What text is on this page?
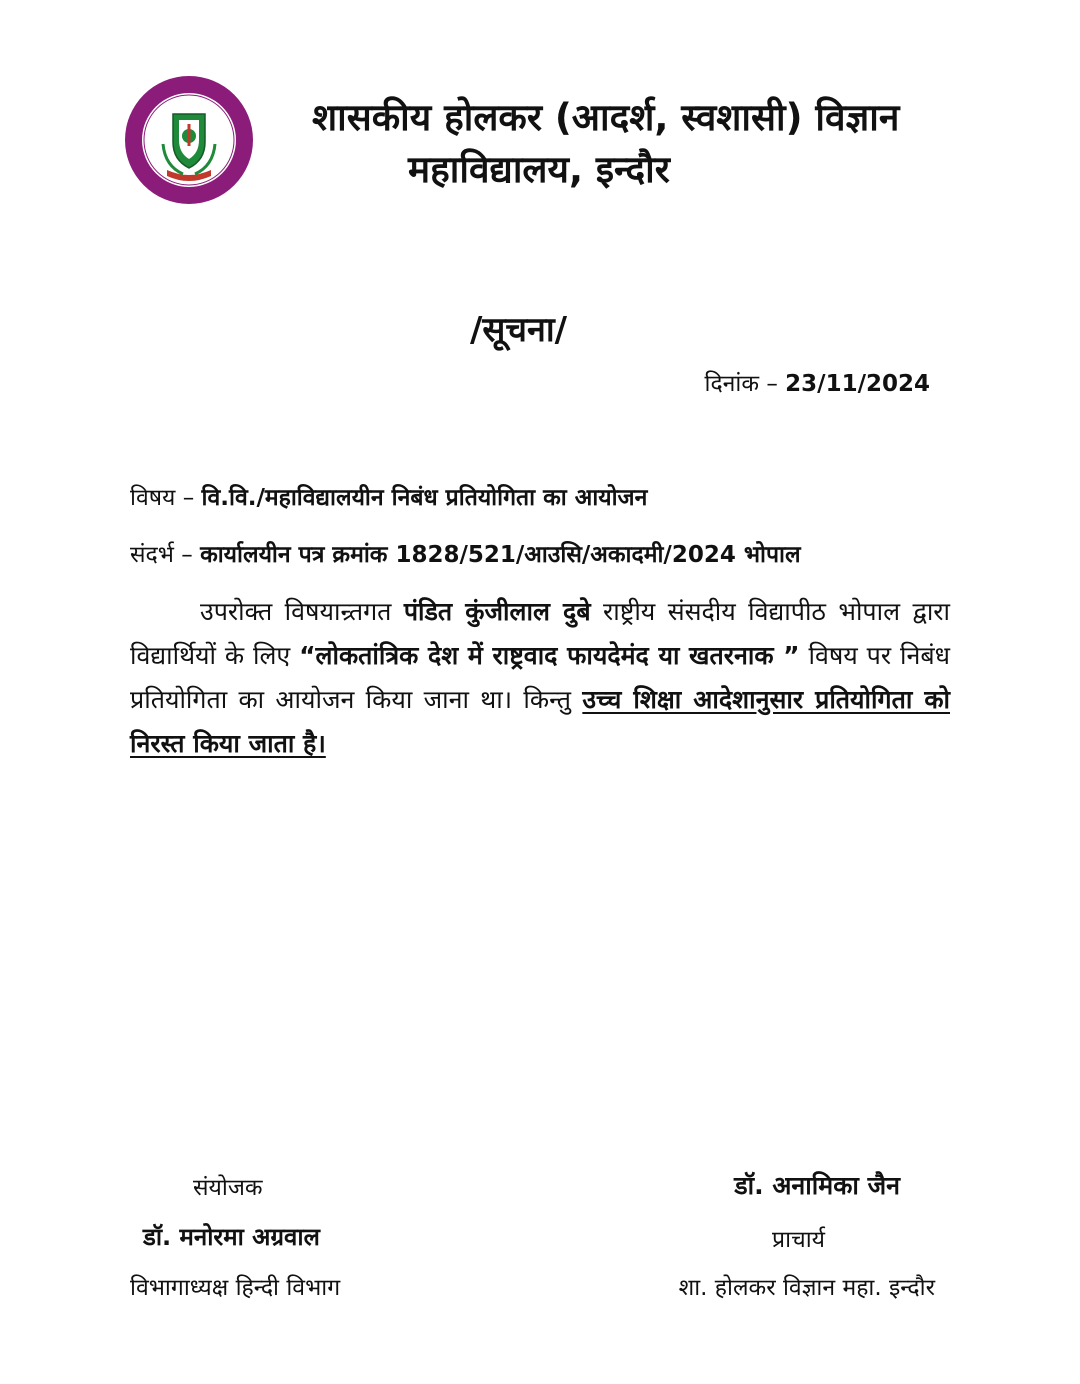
शासकीय होलकर (आदर्श, स्वशासी) विज्ञान
महाविद्यालय, इन्दौर
/सूचना/
दिनांक – 23/11/2024
विषय – वि.वि./महाविद्यालयीन निबंध प्रतियोगिता का आयोजन
संदर्भ – कार्यालयीन पत्र क्रमांक 1828/521/आउसि/अकादमी/2024 भोपाल
उपरोक्त विषयान्र्तगत पंडित कुंजीलाल दुबे राष्ट्रीय संसदीय विद्यापीठ भोपाल द्वारा विद्यार्थियों के लिए “लोकतांत्रिक देश में राष्ट्रवाद फायदेमंद या खतरनाक ” विषय पर निबंध प्रतियोगिता का आयोजन किया जाना था। किन्तु उच्च शिक्षा आदेशानुसार प्रतियोगिता को निरस्त किया जाता है।
संयोजक
डॉ. मनोरमा अग्रवाल
विभागाध्यक्ष हिन्दी विभाग
डॉ. अनामिका जैन
प्राचार्य
शा. होलकर विज्ञान महा. इन्दौर
